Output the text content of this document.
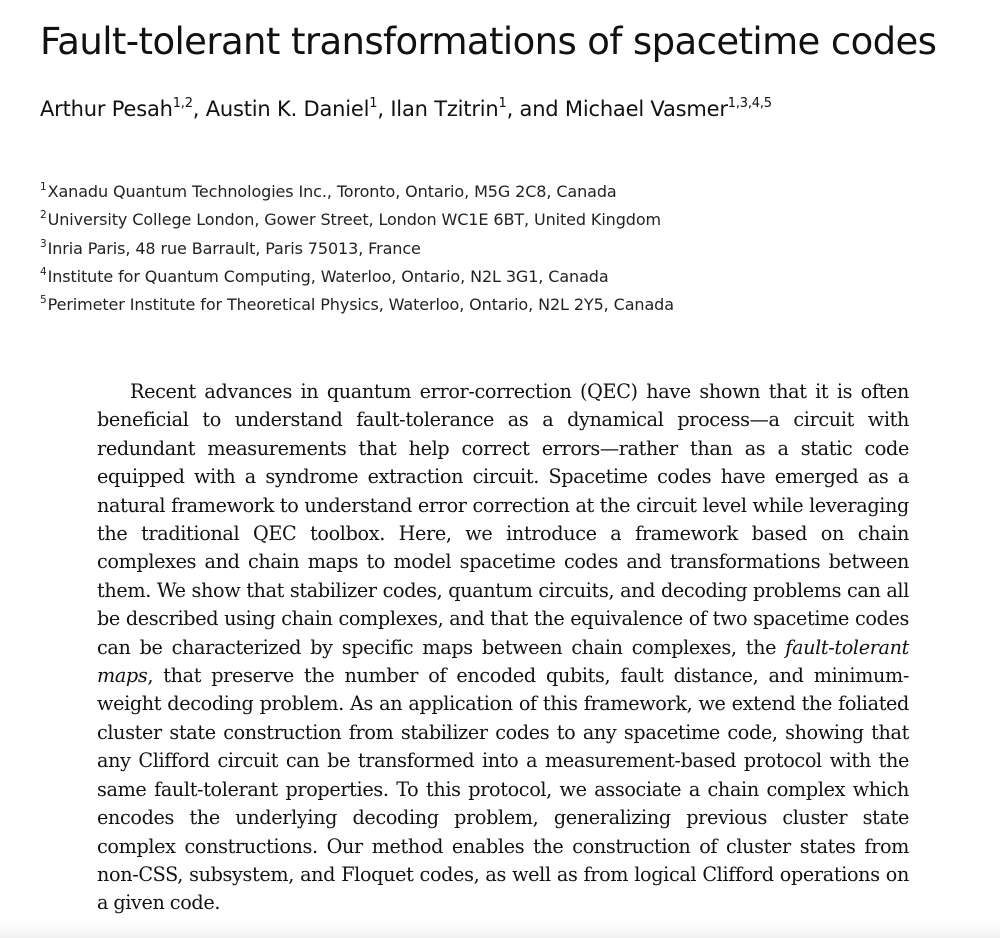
Fault-tolerant transformations of spacetime codes
Arthur Pesah$^{1,2}$, Austin K. Daniel$^1$, Ilan Tzitrin$^1$, and Michael Vasmer$^{1,3,4,5}$
$^1$Xanadu Quantum Technologies Inc., Toronto, Ontario, M5G 2C8, Canada
$^2$University College London, Gower Street, London WC1E 6BT, United Kingdom
$^3$Inria Paris, 48 rue Barrault, Paris 75013, France
$^4$Institute for Quantum Computing, Waterloo, Ontario, N2L 3G1, Canada
$^5$Perimeter Institute for Theoretical Physics, Waterloo, Ontario, N2L 2Y5, Canada

Recent advances in quantum error-correction (QEC) have shown that it is often beneficial to understand fault-tolerance as a dynamical process—a circuit with redundant measurements that help correct errors—rather than as a static code equipped with a syndrome extraction circuit. Spacetime codes have emerged as a natural framework to understand error correction at the circuit level while leveraging the traditional QEC toolbox. Here, we introduce a framework based on chain complexes and chain maps to model spacetime codes and transformations between them. We show that stabilizer codes, quantum circuits, and decoding problems can all be described using chain complexes, and that the equivalence of two spacetime codes can be characterized by specific maps between chain complexes, the fault-tolerant maps, that preserve the number of encoded qubits, fault distance, and minimum-weight decoding problem. As an application of this framework, we extend the foliated cluster state construction from stabilizer codes to any spacetime code, showing that any Clifford circuit can be transformed into a measurement-based protocol with the same fault-tolerant properties. To this protocol, we associate a chain complex which encodes the underlying decoding problem, generalizing previous cluster state complex constructions. Our method enables the construction of cluster states from non-CSS, subsystem, and Floquet codes, as well as from logical Clifford operations on a given code.
